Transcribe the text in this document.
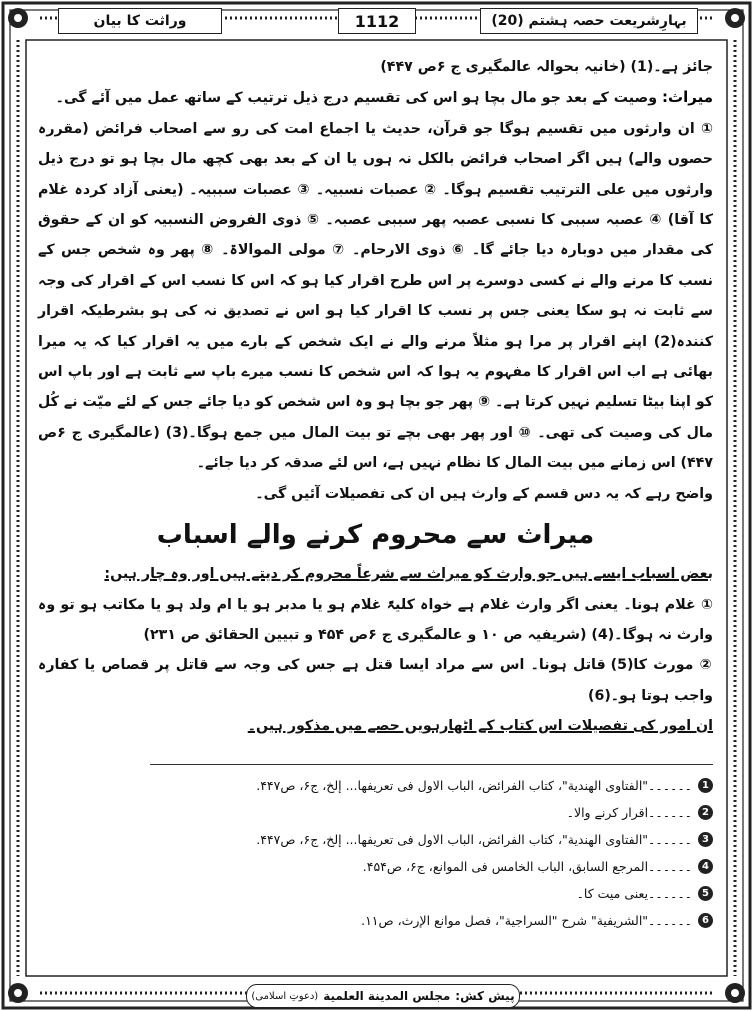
بہارِشریعت حصہ ہشتم (20)
1112
وراثت کا بیان

جائز ہے۔(1) (خانیہ بحوالہ عالمگیری ج ۶ص ۴۴۷)

میراث: وصیت کے بعد جو مال بچا ہو اس کی تقسیم درج ذیل ترتیب کے ساتھ عمل میں آئے گی۔

① ان وارثوں میں تقسیم ہوگا جو قرآن، حدیث یا اجماع امت کی رو سے اصحاب فرائض (مقررہ حصوں والے) ہیں اگر اصحاب فرائض بالکل نہ ہوں یا ان کے بعد بھی کچھ مال بچا ہو تو درج ذیل وارثوں میں علی الترتیب تقسیم ہوگا۔ ② عصبات نسبیہ۔ ③ عصبات سببیہ۔ (یعنی آزاد کردہ غلام کا آقا) ④ عصبہ سببی کا نسبی عصبہ پھر سببی عصبہ۔ ⑤ ذوی الفروض النسبیہ کو ان کے حقوق کی مقدار میں دوبارہ دیا جائے گا۔ ⑥ ذوی الارحام۔ ⑦ مولی الموالاۃ۔ ⑧ پھر وہ شخص جس کے نسب کا مرنے والے نے کسی دوسرے پر اس طرح اقرار کیا ہو کہ اس کا نسب اس کے اقرار کی وجہ سے ثابت نہ ہو سکا یعنی جس پر نسب کا اقرار کیا ہو اس نے تصدیق نہ کی ہو بشرطیکہ اقرار کنندہ(2) اپنے اقرار پر مرا ہو مثلاً مرنے والے نے ایک شخص کے بارے میں یہ اقرار کیا کہ یہ میرا بھائی ہے اب اس اقرار کا مفہوم یہ ہوا کہ اس شخص کا نسب میرے باپ سے ثابت ہے اور باپ اس کو اپنا بیٹا تسلیم نہیں کرتا ہے۔ ⑨ پھر جو بچا ہو وہ اس شخص کو دیا جائے جس کے لئے میّت نے کُل مال کی وصیت کی تھی۔ ⑩ اور پھر بھی بچے تو بیت المال میں جمع ہوگا۔(3) (عالمگیری ج ۶ص ۴۴۷) اس زمانے میں بیت المال کا نظام نہیں ہے، اس لئے صدقہ کر دیا جائے۔

واضح رہے کہ یہ دس قسم کے وارث ہیں ان کی تفصیلات آئیں گی۔

میراث سے محروم کرنے والے اسباب

بعض اسباب ایسے ہیں جو وارث کو میراث سے شرعاً محروم کر دیتے ہیں اور وہ چار ہیں:

① غلام ہونا۔ یعنی اگر وارث غلام ہے خواہ کلیۃً غلام ہو یا مدبر ہو یا ام ولد ہو یا مکاتب ہو تو وہ وارث نہ ہوگا۔(4) (شریفیہ ص ۱۰ و عالمگیری ج ۶ص ۴۵۴ و تبیین الحقائق ص ۲۳۱)

② مورث کا(5) قاتل ہونا۔ اس سے مراد ایسا قتل ہے جس کی وجہ سے قاتل پر قصاص یا کفارہ واجب ہوتا ہو۔(6)

ان امور کی تفصیلات اس کتاب کے اٹھارہویں حصے میں مذکور ہیں۔

1
۔۔۔۔۔۔"الفتاوی الھندیة"، کتاب الفرائض، الباب الاول فی تعریفھا... إلخ، ج۶، ص۴۴۷.
2
۔۔۔۔۔۔اقرار کرنے والا۔
3
۔۔۔۔۔۔"الفتاوی الھندیة"، کتاب الفرائض، الباب الاول فی تعریفھا... إلخ، ج۶، ص۴۴۷.
4
۔۔۔۔۔۔المرجع السابق، الباب الخامس فی الموانع، ج۶، ص۴۵۴.
5
۔۔۔۔۔۔یعنی میت کا۔
6
۔۔۔۔۔۔"الشریفیة" شرح "السراجیة"، فصل موانع الإرث، ص۱۱.
پیش کش:
مجلس المدینة العلمیة
(دعوتِ اسلامی)
